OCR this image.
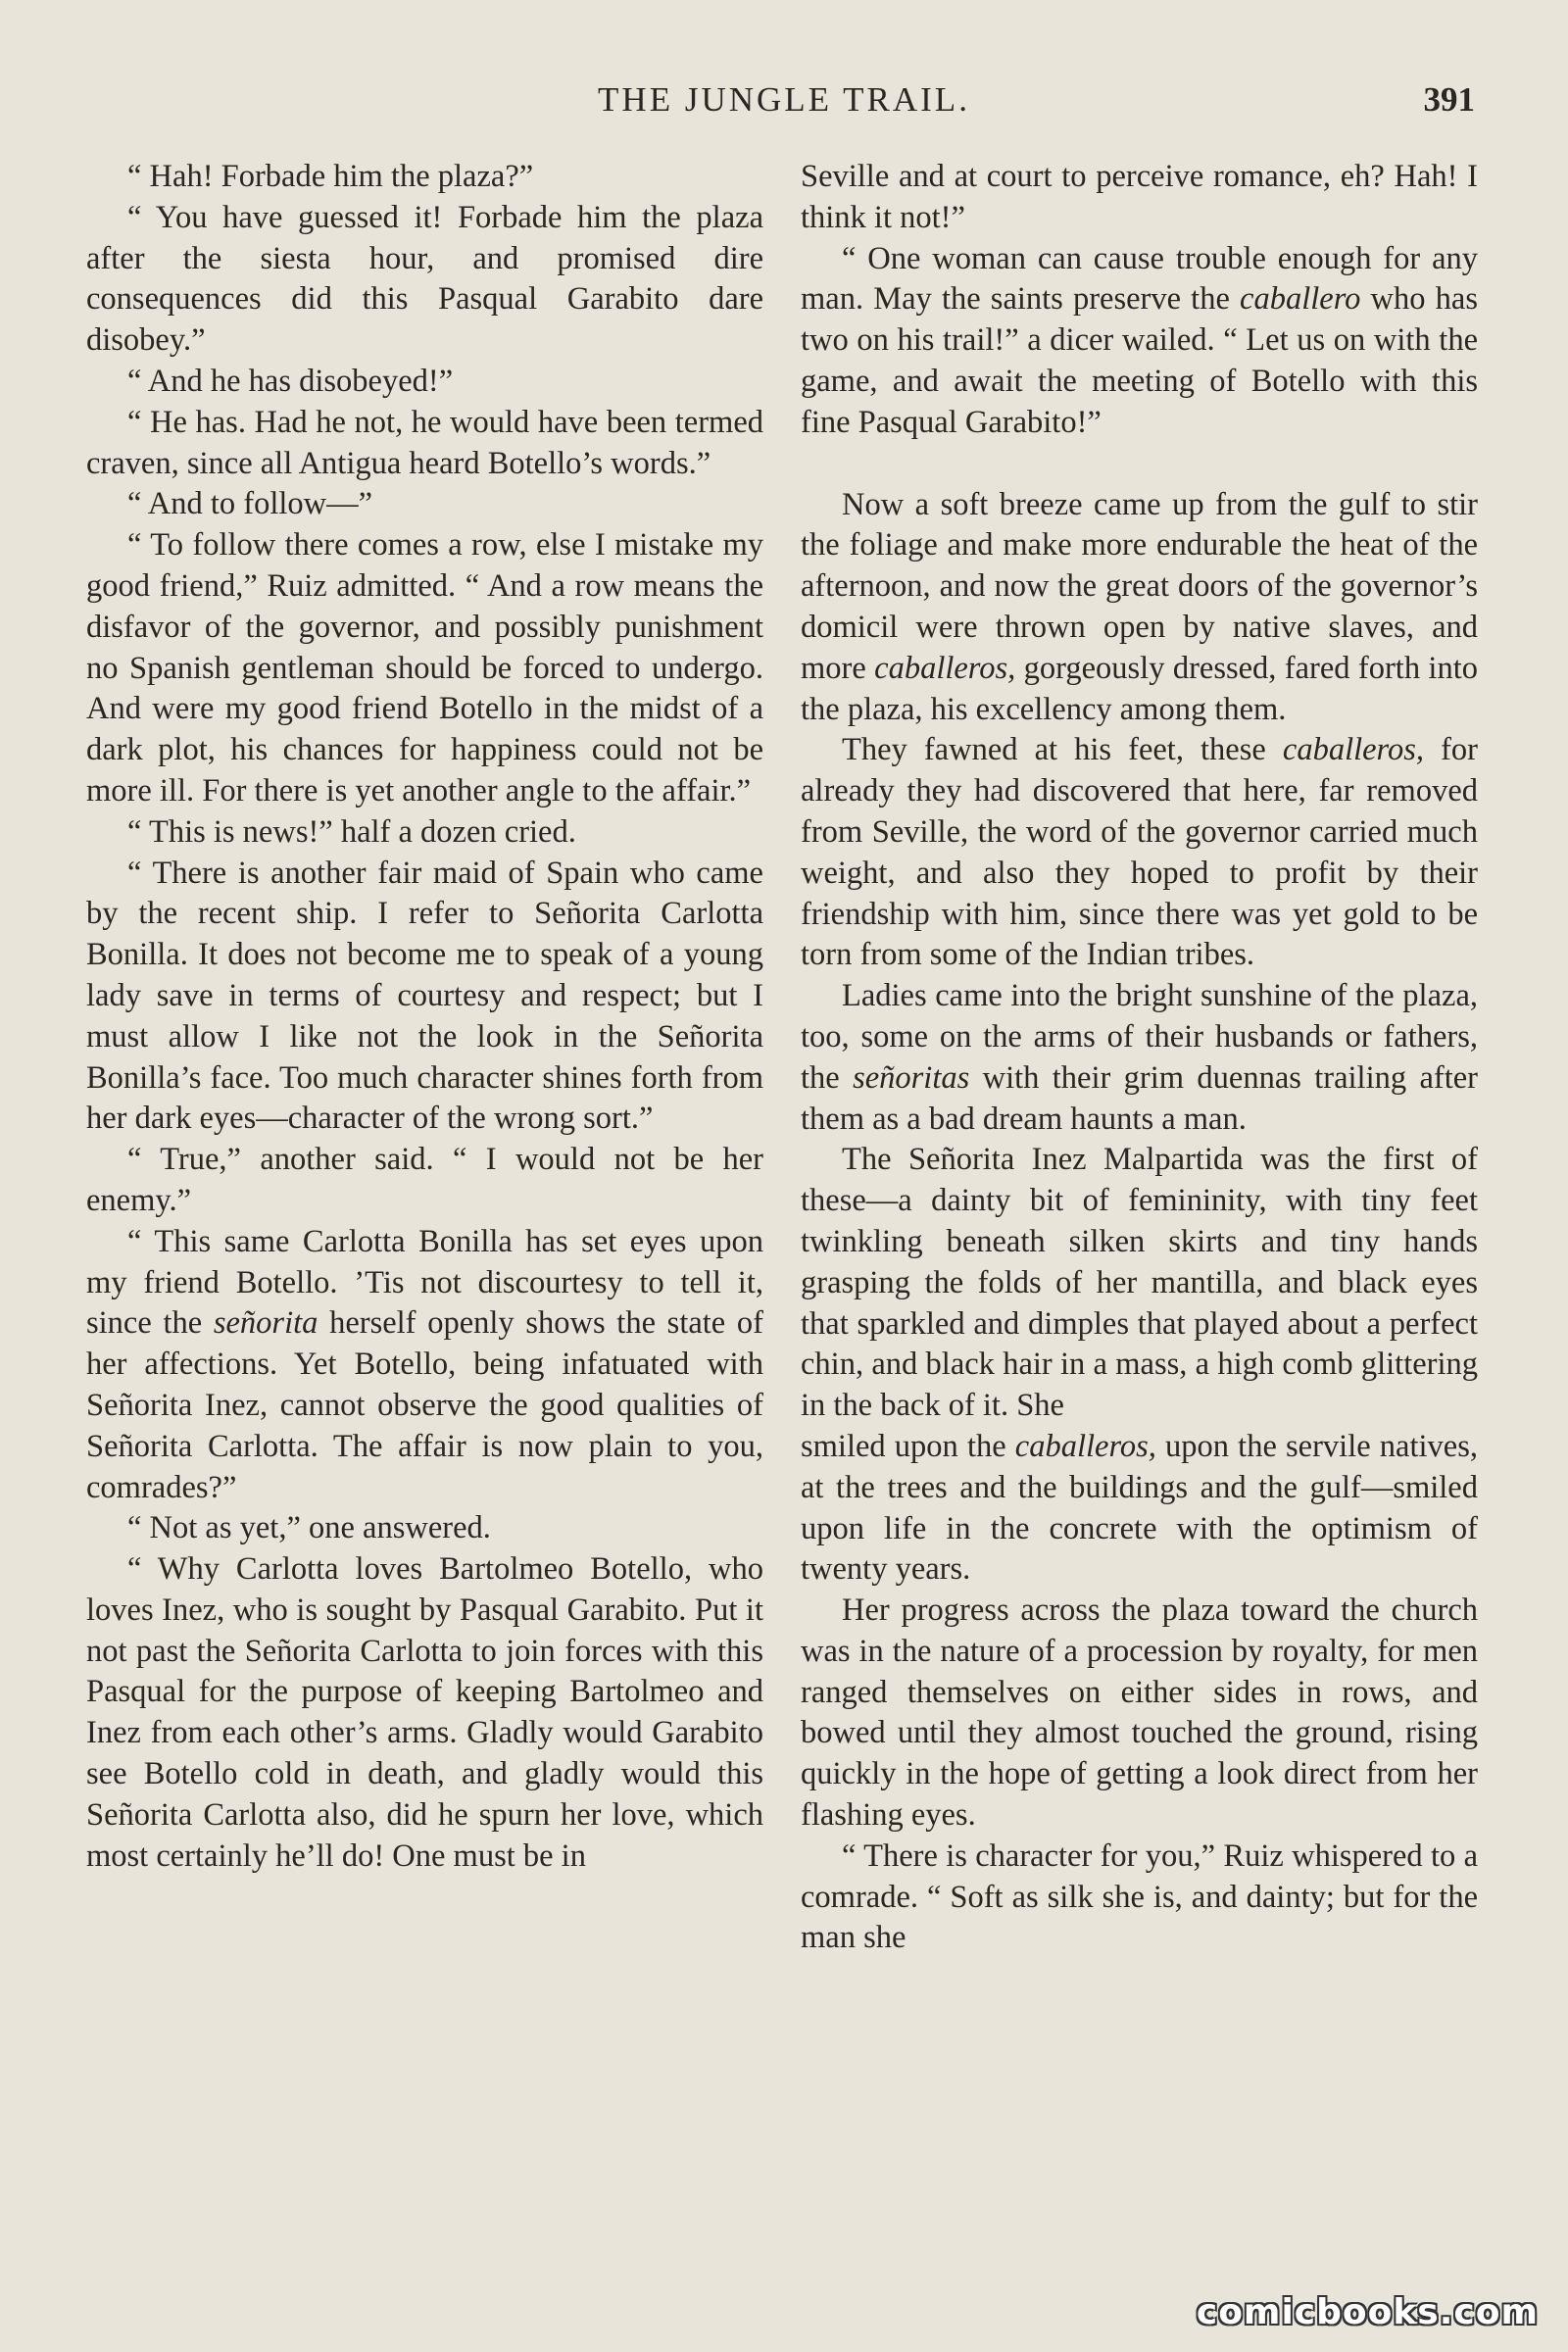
THE JUNGLE TRAIL.	391

“ Hah! Forbade him the plaza?”

“ You have guessed it! Forbade him the plaza after the siesta hour, and promised dire consequences did this Pasqual Garabito dare disobey.”

“ And he has disobeyed!”

“ He has. Had he not, he would have been termed craven, since all Antigua heard Botello’s words.”

“ And to follow—”

“ To follow there comes a row, else I mistake my good friend,” Ruiz admitted. “ And a row means the disfavor of the governor, and possibly punishment no Spanish gentleman should be forced to undergo. And were my good friend Botello in the midst of a dark plot, his chances for happiness could not be more ill. For there is yet another angle to the affair.”

“ This is news!” half a dozen cried.

“ There is another fair maid of Spain who came by the recent ship. I refer to Señorita Carlotta Bonilla. It does not become me to speak of a young lady save in terms of courtesy and respect; but I must allow I like not the look in the Señorita Bonilla’s face. Too much character shines forth from her dark eyes—character of the wrong sort.”

“ True,” another said. “ I would not be her enemy.”

“ This same Carlotta Bonilla has set eyes upon my friend Botello. ’Tis not discourtesy to tell it, since the señorita herself openly shows the state of her affections. Yet Botello, being infatuated with Señorita Inez, cannot observe the good qualities of Señorita Carlotta. The affair is now plain to you, comrades?”

“ Not as yet,” one answered.

“ Why Carlotta loves Bartolmeo Botello, who loves Inez, who is sought by Pasqual Garabito. Put it not past the Señorita Carlotta to join forces with this Pasqual for the purpose of keeping Bartolmeo and Inez from each other’s arms. Gladly would Garabito see Botello cold in death, and gladly would this Señorita Carlotta also, did he spurn her love, which most certainly he’ll do! One must be in

Seville and at court to perceive romance, eh? Hah! I think it not!”

“ One woman can cause trouble enough for any man. May the saints preserve the caballero who has two on his trail!” a dicer wailed. “ Let us on with the game, and await the meeting of Botello with this fine Pasqual Garabito!”

Now a soft breeze came up from the gulf to stir the foliage and make more endurable the heat of the afternoon, and now the great doors of the governor’s domicil were thrown open by native slaves, and more caballeros, gorgeously dressed, fared forth into the plaza, his excellency among them.

They fawned at his feet, these caballeros, for already they had discovered that here, far removed from Seville, the word of the governor carried much weight, and also they hoped to profit by their friendship with him, since there was yet gold to be torn from some of the Indian tribes.

Ladies came into the bright sunshine of the plaza, too, some on the arms of their husbands or fathers, the señoritas with their grim duennas trailing after them as a bad dream haunts a man.

The Señorita Inez Malpartida was the first of these—a dainty bit of femininity, with tiny feet twinkling beneath silken skirts and tiny hands grasping the folds of her mantilla, and black eyes that sparkled and dimples that played about a perfect chin, and black hair in a mass, a high comb glittering in the back of it. She

smiled upon the caballeros, upon the servile natives, at the trees and the buildings and the gulf—smiled upon life in the concrete with the optimism of twenty years.

Her progress across the plaza toward the church was in the nature of a procession by royalty, for men ranged themselves on either sides in rows, and bowed until they almost touched the ground, rising quickly in the hope of getting a look direct from her flashing eyes.

“ There is character for you,” Ruiz whispered to a comrade. “ Soft as silk she is, and dainty; but for the man she

comicbooks.com
